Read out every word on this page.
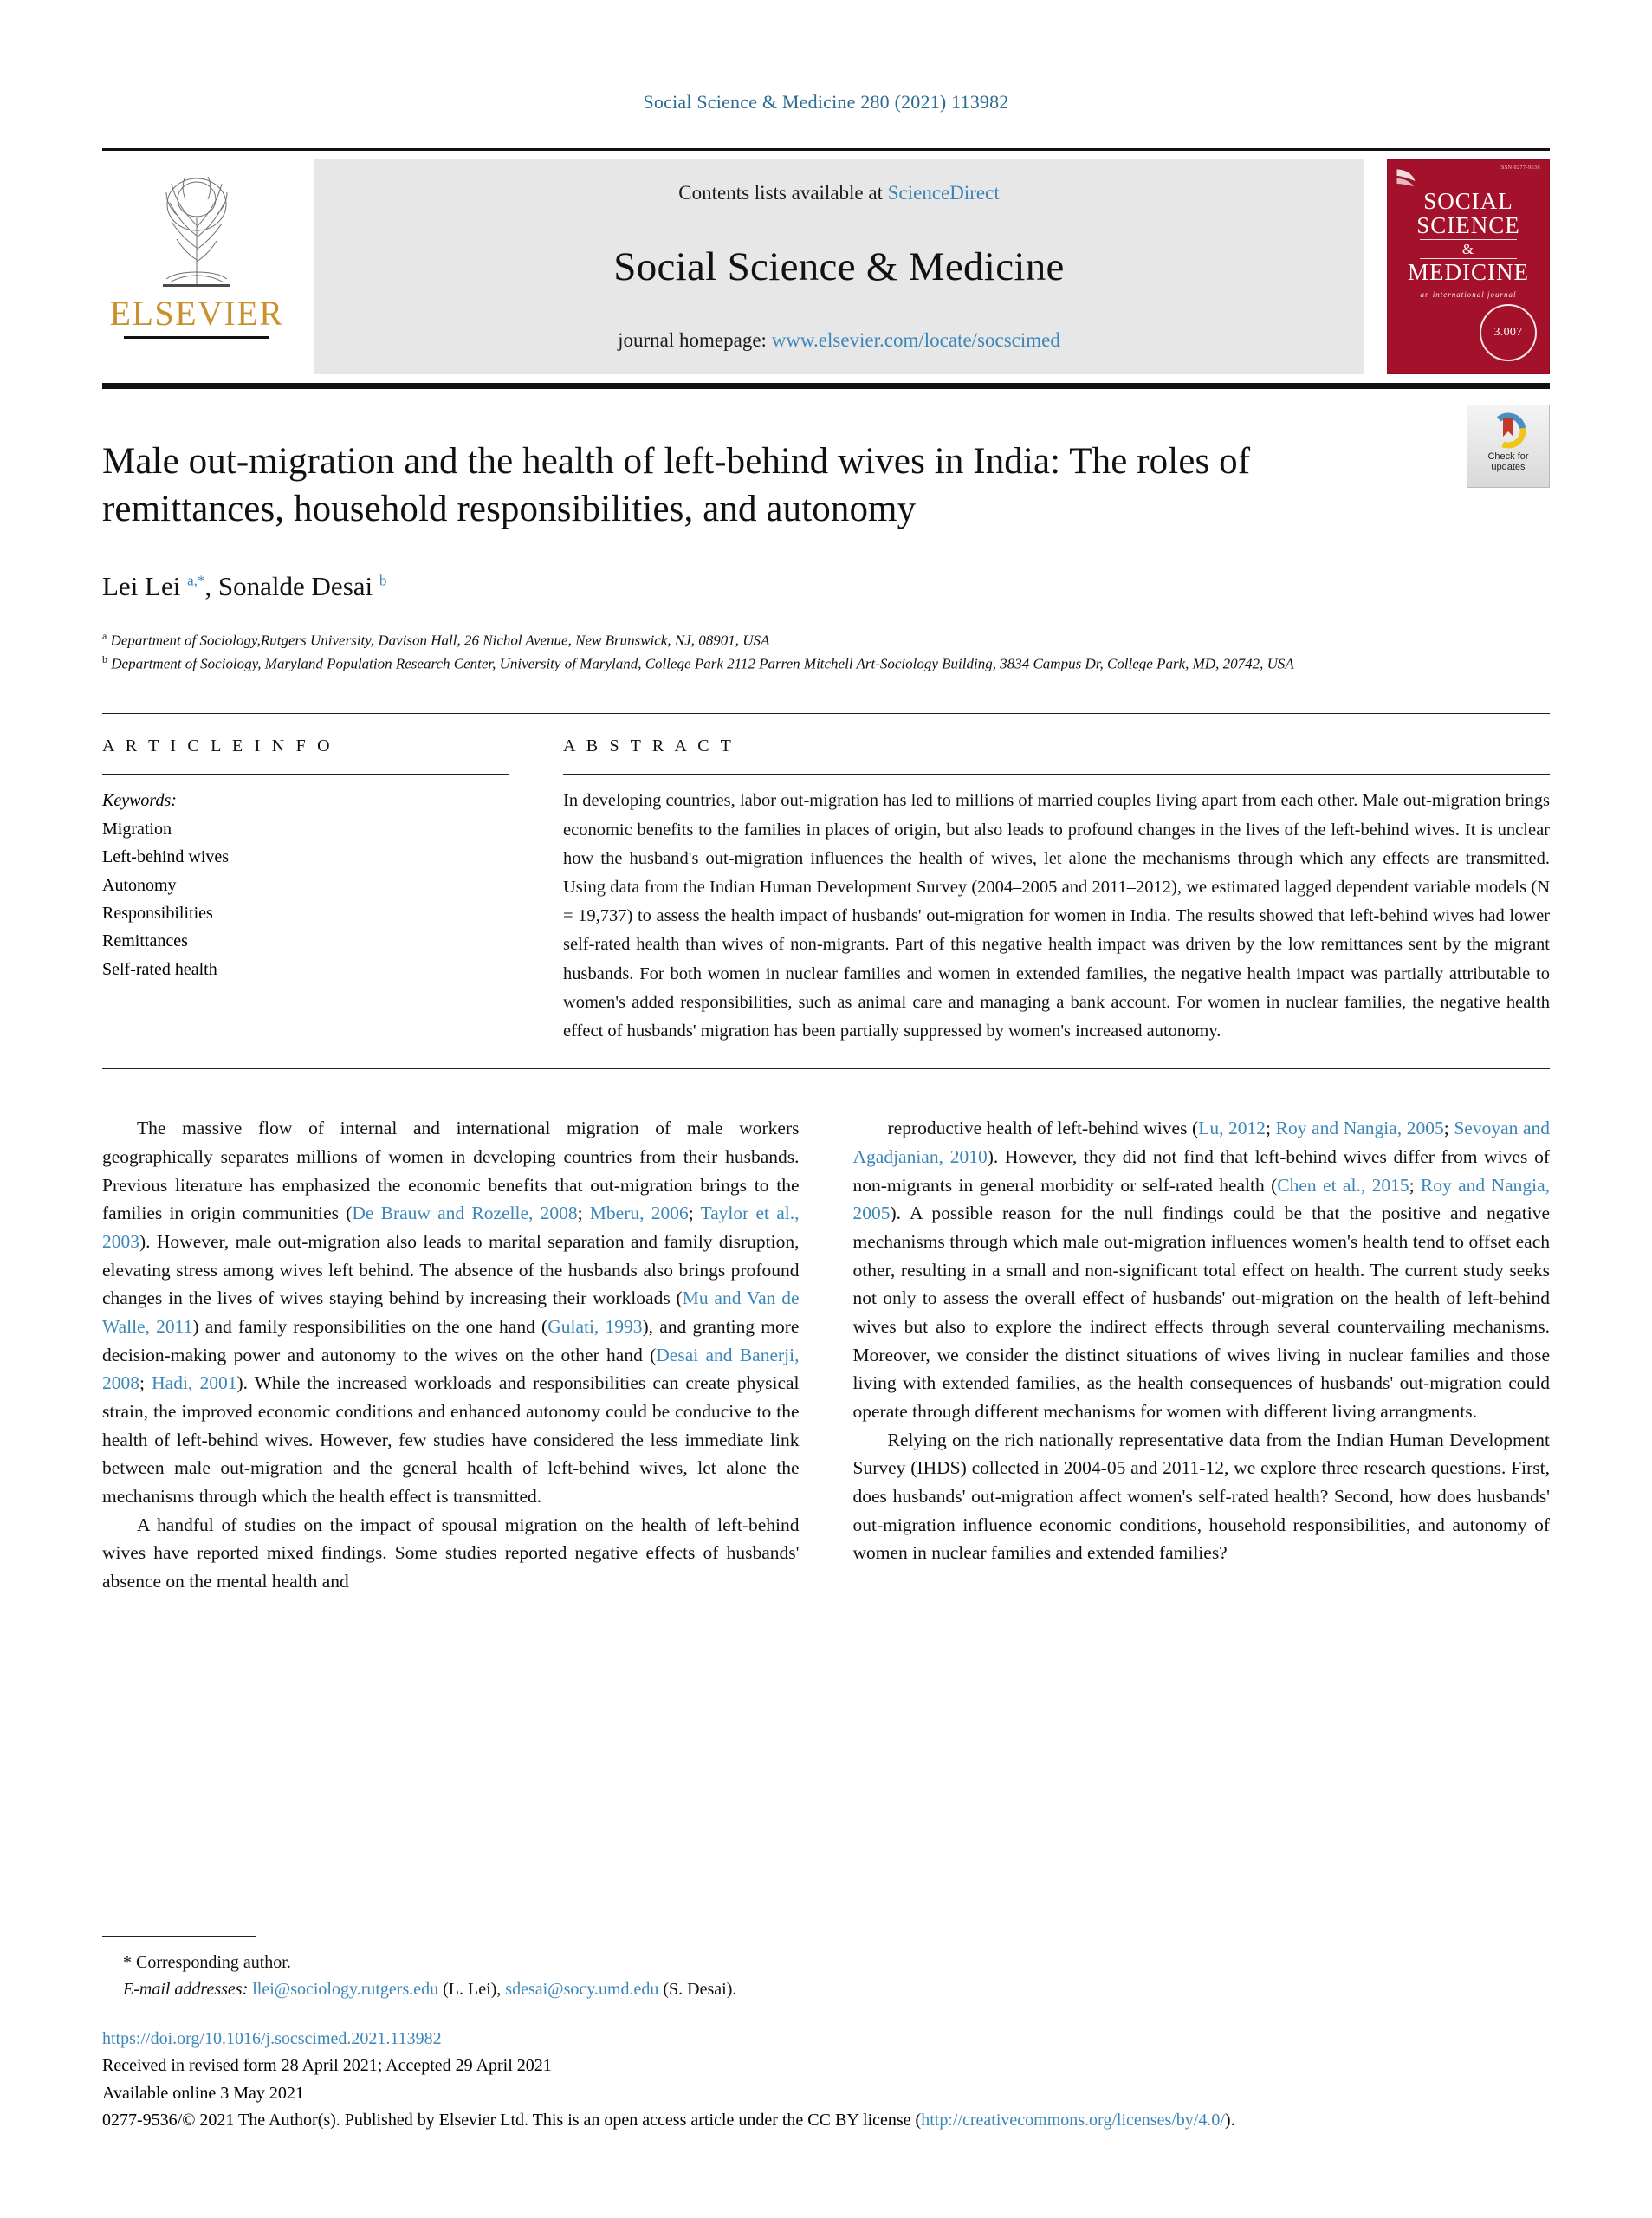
Social Science & Medicine 280 (2021) 113982
ELSEVIER
Contents lists available at ScienceDirect
Social Science & Medicine
journal homepage: www.elsevier.com/locate/socscimed
ISSN 0277-9536
SOCIAL
SCIENCE
&
MEDICINE
an international journal
3.007
Check for
updates
Male out-migration and the health of left-behind wives in India: The roles of remittances, household responsibilities, and autonomy
Lei Lei $^{a,*}$, Sonalde Desai $^b$
$^a$ Department of Sociology,Rutgers University, Davison Hall, 26 Nichol Avenue, New Brunswick, NJ, 08901, USA
$^b$ Department of Sociology, Maryland Population Research Center, University of Maryland, College Park 2112 Parren Mitchell Art-Sociology Building, 3834 Campus Dr, College Park, MD, 20742, USA
A R T I C L E I N F O
Keywords:
Migration
Left-behind wives
Autonomy
Responsibilities
Remittances
Self-rated health
A B S T R A C T
In developing countries, labor out-migration has led to millions of married couples living apart from each other. Male out-migration brings economic benefits to the families in places of origin, but also leads to profound changes in the lives of the left-behind wives. It is unclear how the husband's out-migration influences the health of wives, let alone the mechanisms through which any effects are transmitted. Using data from the Indian Human Development Survey (2004–2005 and 2011–2012), we estimated lagged dependent variable models (N = 19,737) to assess the health impact of husbands' out-migration for women in India. The results showed that left-behind wives had lower self-rated health than wives of non-migrants. Part of this negative health impact was driven by the low remittances sent by the migrant husbands. For both women in nuclear families and women in extended families, the negative health impact was partially attributable to women's added responsibilities, such as animal care and managing a bank account. For women in nuclear families, the negative health effect of husbands' migration has been partially suppressed by women's increased autonomy.

The massive flow of internal and international migration of male workers geographically separates millions of women in developing countries from their husbands. Previous literature has emphasized the economic benefits that out-migration brings to the families in origin communities (De Brauw and Rozelle, 2008; Mberu, 2006; Taylor et al., 2003). However, male out-migration also leads to marital separation and family disruption, elevating stress among wives left behind. The absence of the husbands also brings profound changes in the lives of wives staying behind by increasing their workloads (Mu and Van de Walle, 2011) and family responsibilities on the one hand (Gulati, 1993), and granting more decision-making power and autonomy to the wives on the other hand (Desai and Banerji, 2008; Hadi, 2001). While the increased workloads and responsibilities can create physical strain, the improved economic conditions and enhanced autonomy could be conducive to the health of left-behind wives. However, few studies have considered the less immediate link between male out-migration and the general health of left-behind wives, let alone the mechanisms through which the health effect is transmitted.

A handful of studies on the impact of spousal migration on the health of left-behind wives have reported mixed findings. Some studies reported negative effects of husbands' absence on the mental health and

reproductive health of left-behind wives (Lu, 2012; Roy and Nangia, 2005; Sevoyan and Agadjanian, 2010). However, they did not find that left-behind wives differ from wives of non-migrants in general morbidity or self-rated health (Chen et al., 2015; Roy and Nangia, 2005). A possible reason for the null findings could be that the positive and negative mechanisms through which male out-migration influences women's health tend to offset each other, resulting in a small and non-significant total effect on health. The current study seeks not only to assess the overall effect of husbands' out-migration on the health of left-behind wives but also to explore the indirect effects through several countervailing mechanisms. Moreover, we consider the distinct situations of wives living in nuclear families and those living with extended families, as the health consequences of husbands' out-migration could operate through different mechanisms for women with different living arrangments.

Relying on the rich nationally representative data from the Indian Human Development Survey (IHDS) collected in 2004-05 and 2011-12, we explore three research questions. First, does husbands' out-migration affect women's self-rated health? Second, how does husbands' out-migration influence economic conditions, household responsibilities, and autonomy of women in nuclear families and extended families?

* Corresponding author.
E-mail addresses: llei@sociology.rutgers.edu (L. Lei), sdesai@socy.umd.edu (S. Desai).
https://doi.org/10.1016/j.socscimed.2021.113982
Received in revised form 28 April 2021; Accepted 29 April 2021
Available online 3 May 2021
0277-9536/© 2021 The Author(s). Published by Elsevier Ltd. This is an open access article under the CC BY license (http://creativecommons.org/licenses/by/4.0/).
